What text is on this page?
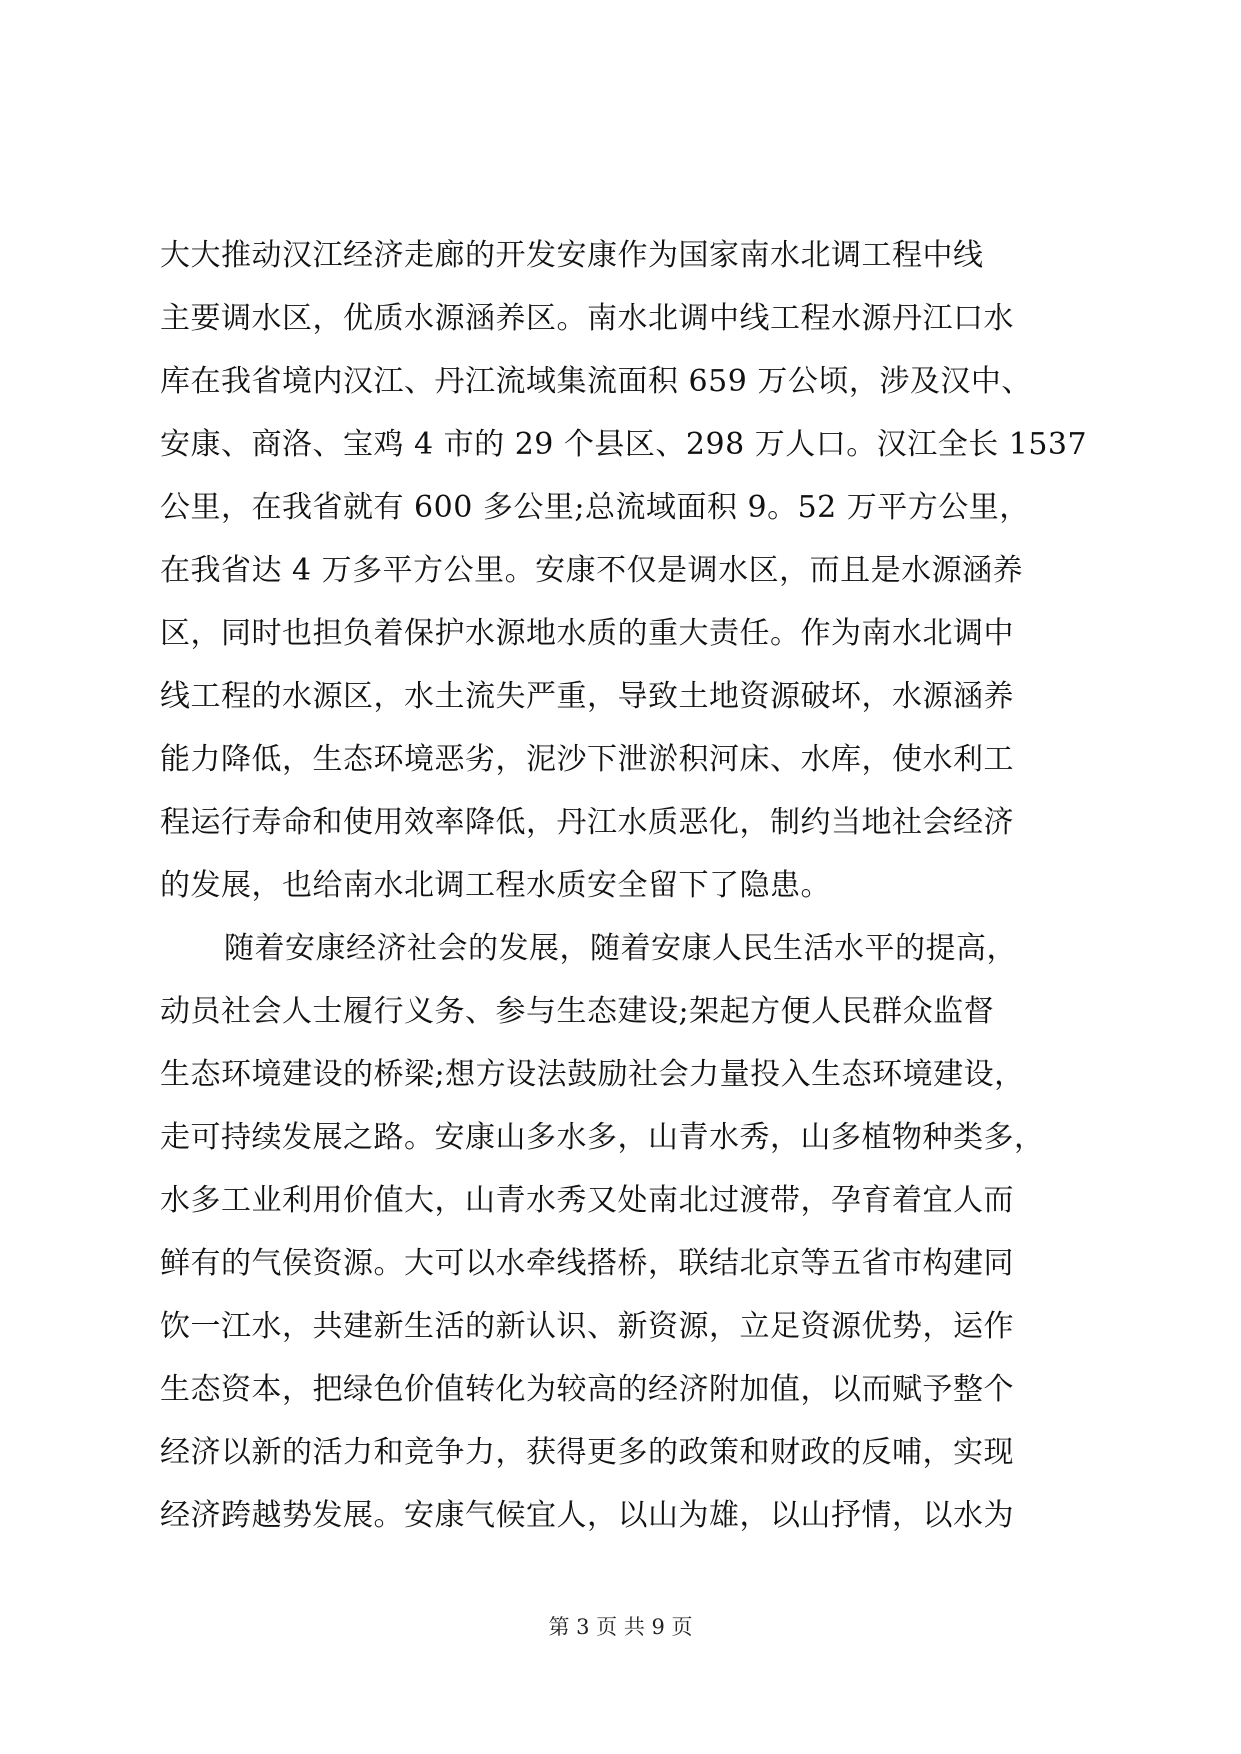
大大推动汉江经济走廊的开发安康作为国家南水北调工程中线
主要调水区，优质水源涵养区。南水北调中线工程水源丹江口水
库在我省境内汉江、丹江流域集流面积 659 万公顷，涉及汉中、
安康、商洛、宝鸡 4 市的 29 个县区、298 万人口。汉江全长 1537
公里，在我省就有 600 多公里;总流域面积 9。52 万平方公里，
在我省达 4 万多平方公里。安康不仅是调水区，而且是水源涵养
区，同时也担负着保护水源地水质的重大责任。作为南水北调中
线工程的水源区，水土流失严重，导致土地资源破坏，水源涵养
能力降低，生态环境恶劣，泥沙下泄淤积河床、水库，使水利工
程运行寿命和使用效率降低，丹江水质恶化，制约当地社会经济
的发展，也给南水北调工程水质安全留下了隐患。
随着安康经济社会的发展，随着安康人民生活水平的提高，
动员社会人士履行义务、参与生态建设;架起方便人民群众监督
生态环境建设的桥梁;想方设法鼓励社会力量投入生态环境建设，
走可持续发展之路。安康山多水多，山青水秀，山多植物种类多，
水多工业利用价值大，山青水秀又处南北过渡带，孕育着宜人而
鲜有的气侯资源。大可以水牵线搭桥，联结北京等五省市构建同
饮一江水，共建新生活的新认识、新资源，立足资源优势，运作
生态资本，把绿色价值转化为较高的经济附加值，以而赋予整个
经济以新的活力和竞争力，获得更多的政策和财政的反哺，实现
经济跨越势发展。安康气候宜人，以山为雄，以山抒情，以水为
第 3 页 共 9 页
